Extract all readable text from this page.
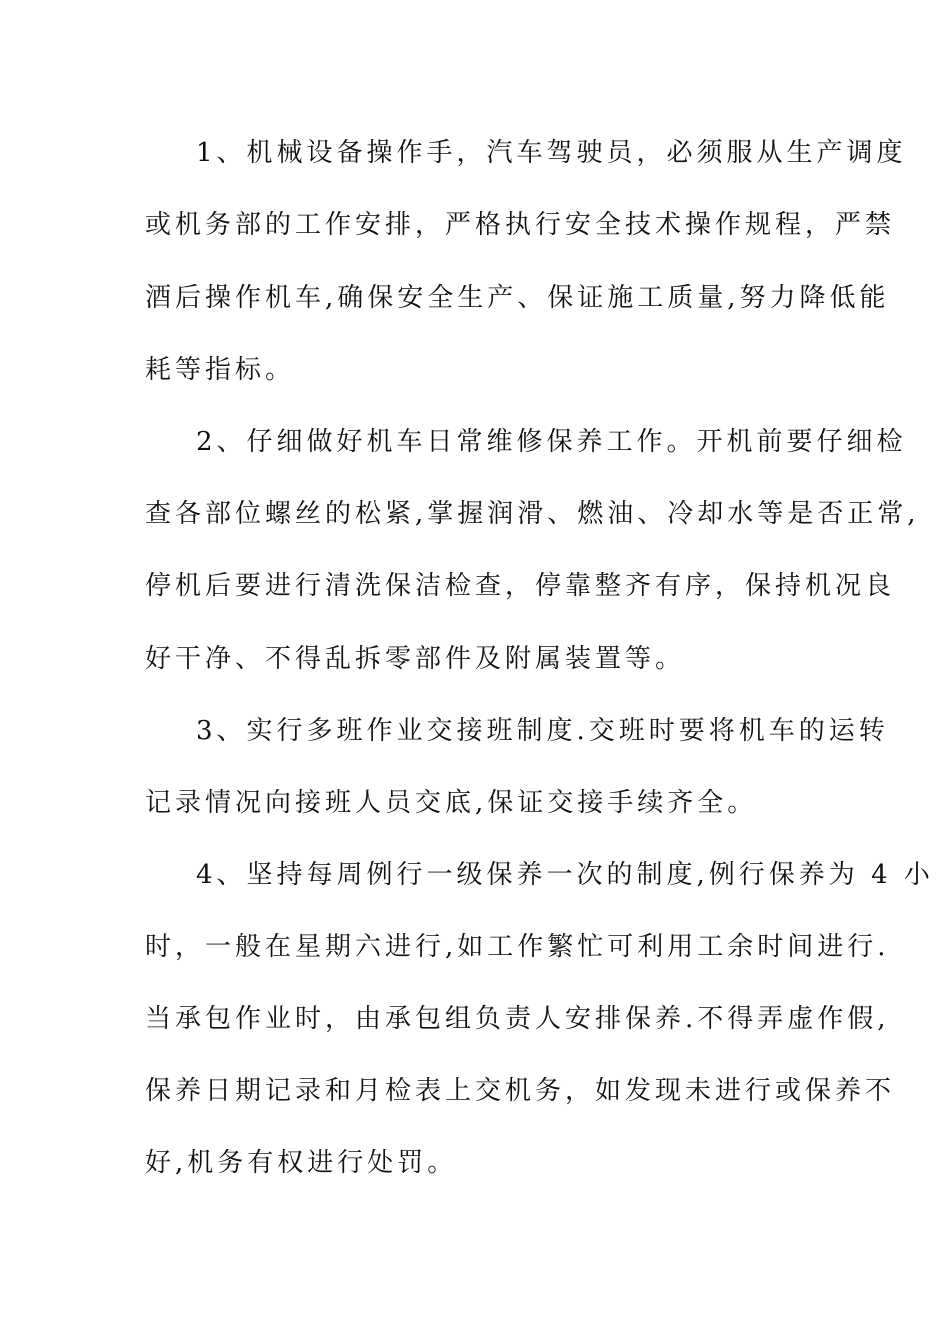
1、机械设备操作手，汽车驾驶员，必须服从生产调度
或机务部的工作安排，严格执行安全技术操作规程，严禁
酒后操作机车,确保安全生产、保证施工质量,努力降低能
耗等指标。
2、仔细做好机车日常维修保养工作。开机前要仔细检
查各部位螺丝的松紧,掌握润滑、燃油、冷却水等是否正常,
停机后要进行清洗保洁检查，停靠整齐有序，保持机况良
好干净、不得乱拆零部件及附属装置等。
3、实行多班作业交接班制度.交班时要将机车的运转
记录情况向接班人员交底,保证交接手续齐全。
4、坚持每周例行一级保养一次的制度,例行保养为 4 小
时，一般在星期六进行,如工作繁忙可利用工余时间进行.
当承包作业时，由承包组负责人安排保养.不得弄虚作假,
保养日期记录和月检表上交机务，如发现未进行或保养不
好,机务有权进行处罚。
